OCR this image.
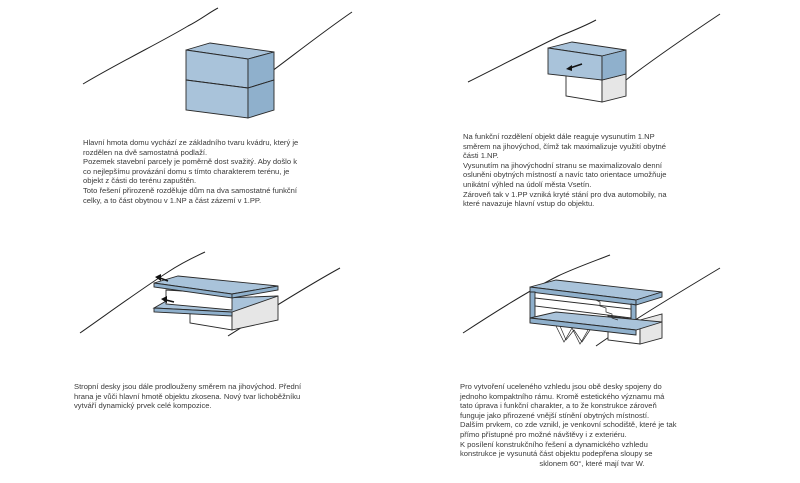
Hlavní hmota domu vychází ze základního tvaru kvádru, který je

rozdělen na dvě samostatná podlaží.

Pozemek stavební parcely je poměrně dost svažitý. Aby došlo k

co nejlepšímu provázání domu s tímto charakterem terénu, je

objekt z části do terénu zapuštěn.

Toto řešení přirozeně rozděluje dům na dva samostatné funkční

celky, a to část obytnou v 1.NP a část zázemí v 1.PP.

Na funkční rozdělení objekt dále reaguje vysunutím 1.NP

směrem na jihovýchod, čímž tak maximalizuje využití obytné

části 1.NP.

Vysunutím na jihovýchodní stranu se maximalizovalo denní

osluněni obytných místností a navíc tato orientace umožňuje

unikátní výhled na údolí města Vsetín.

Zároveň tak v 1.PP vzniká kryté stání pro dva automobily, na

které navazuje hlavní vstup do objektu.

Stropní desky jsou dále prodlouženy směrem na jihovýchod. Přední

hrana je vůči hlavní hmotě objektu zkosena. Nový tvar lichoběžníku

vytváří dynamický prvek celé kompozice.

Pro vytvoření uceleného vzhledu jsou obě desky spojeny do

jednoho kompaktního rámu. Kromě estetického významu má

tato úprava i funkční charakter, a to že konstrukce zároveň

funguje jako přirozené vnější stínění obytných místností.

Dalším prvkem, co zde vznikl, je venkovní schodiště, které je tak

přímo přístupné pro možné návštěvy i z exteriéru.

K posílení konstrukčního řešení a dynamického vzhledu

konstrukce je vysunutá část objektu podepřena sloupy se

sklonem 60°, které mají tvar W.
